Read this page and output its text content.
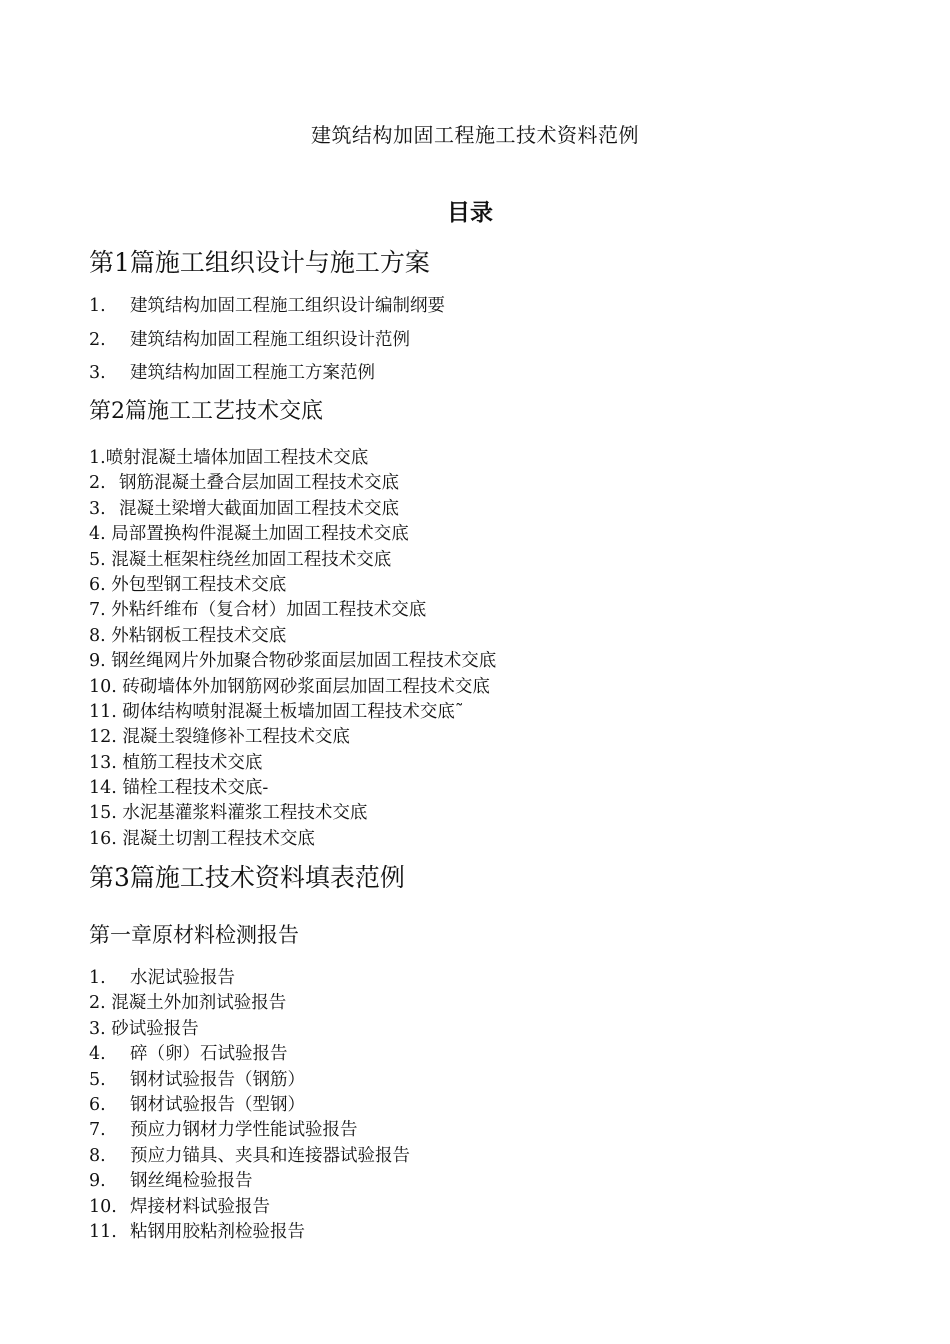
建筑结构加固工程施工技术资料范例
目录
第1篇施工组织设计与施工方案
1. 建筑结构加固工程施工组织设计编制纲要
2. 建筑结构加固工程施工组织设计范例
3. 建筑结构加固工程施工方案范例
第2篇施工工艺技术交底
1.喷射混凝土墙体加固工程技术交底
2. 钢筋混凝土叠合层加固工程技术交底
3. 混凝土梁增大截面加固工程技术交底
4. 局部置换构件混凝土加固工程技术交底
5. 混凝土框架柱绕丝加固工程技术交底
6. 外包型钢工程技术交底
7. 外粘纤维布（复合材）加固工程技术交底
8. 外粘钢板工程技术交底
9. 钢丝绳网片外加聚合物砂浆面层加固工程技术交底
10. 砖砌墙体外加钢筋网砂浆面层加固工程技术交底
11. 砌体结构喷射混凝土板墙加固工程技术交底˜
12. 混凝土裂缝修补工程技术交底
13. 植筋工程技术交底
14. 锚栓工程技术交底-
15. 水泥基灌浆料灌浆工程技术交底
16. 混凝土切割工程技术交底
第3篇施工技术资料填表范例
第一章原材料检测报告
1. 水泥试验报告
2. 混凝土外加剂试验报告
3. 砂试验报告
4. 碎（卵）石试验报告
5. 钢材试验报告（钢筋）
6. 钢材试验报告（型钢）
7. 预应力钢材力学性能试验报告
8. 预应力锚具、夹具和连接器试验报告
9. 钢丝绳检验报告
10. 焊接材料试验报告
11. 粘钢用胶粘剂检验报告
